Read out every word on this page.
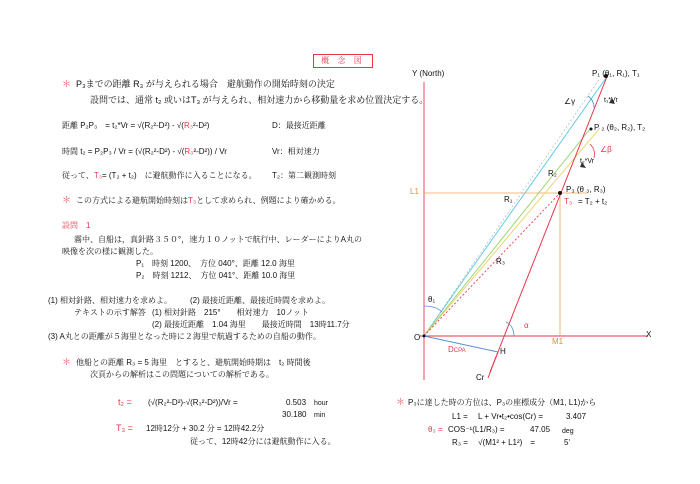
概 念 図
＊ P₃までの距離 R₃ が与えられる場合　避航動作の開始時刻の決定
設問では、通常 t₂ 或いはT₃ が与えられ、相対速力から移動量を求め位置決定する。
距離 P₂P₃　= t₂*Vr = √(R₂²-D²) - √(R₃²-D²)	D：最接近距離
時間 t₂ = P₂P₃ / Vr = (√(R₂²-D²) - √(R₃²-D²)) / Vr	Vr：相対速力
従って、T₃= (T₂ + t₂)　に避航動作に入ることになる。 T₂：第二観測時刻
＊ この方式による避航開始時刻はT₃として求められ、例題により確かめる。
設問　1
霧中、自船は，真針路３５０°，速力１０ノットで航行中、レーダーによりA丸の
映像を次の様に観測した。
P₁　時刻 1200、　方位 040°、距離 12.0 海里
P₂　時刻 1212、　方位 041°、距離 10.0 海里
(1) 相対針路、相対速力を求めよ。 (2) 最接近距離、最接近時間を求めよ。
テキストの示す解答 (1) 相対針路　215°　　相対速力　10ノット
(2) 最接近距離　1.04 海里　　最接近時間　13時11.7分
(3) A丸との距離が５海里となった時に２海里で航過するための自船の動作。
＊ 他船との距離 R₃ = 5 海里　とすると、避航開始時期は　t₂ 時間後
次頁からの解析はこの問題についての解析である。
t₂ = (√(R₂²-D²)-√(R₃²-D²))/Vr =	0.503 hour
30.180 min
T₃ = 12時12分 + 30.2 分 = 12時42.2分
従って、12時42分には避航動作に入る。
＊ P₃に達した時の方位は、P₃の座標成分（M1, L1)から
L1 =　 L + Vr•t₂•cos(Cr) =	3.407
θ₃ = COS⁻¹(L1/R₃) =	47.05 deg
R₃ =　 √(M1² + L1²)　=	5'
Y (North)
X
O
L1
M1
P₁ (θ₁, R₁), T₁
P ₂ (θ₂, R₂), T₂
P₃ (θ ₃, R₃)
T₃ = T₂ + t₂
t₁*Vr
t₂*Vr
∠γ
∠β
R₁
R₂
R₃
θ₁
α
H
DCPA
Cr
